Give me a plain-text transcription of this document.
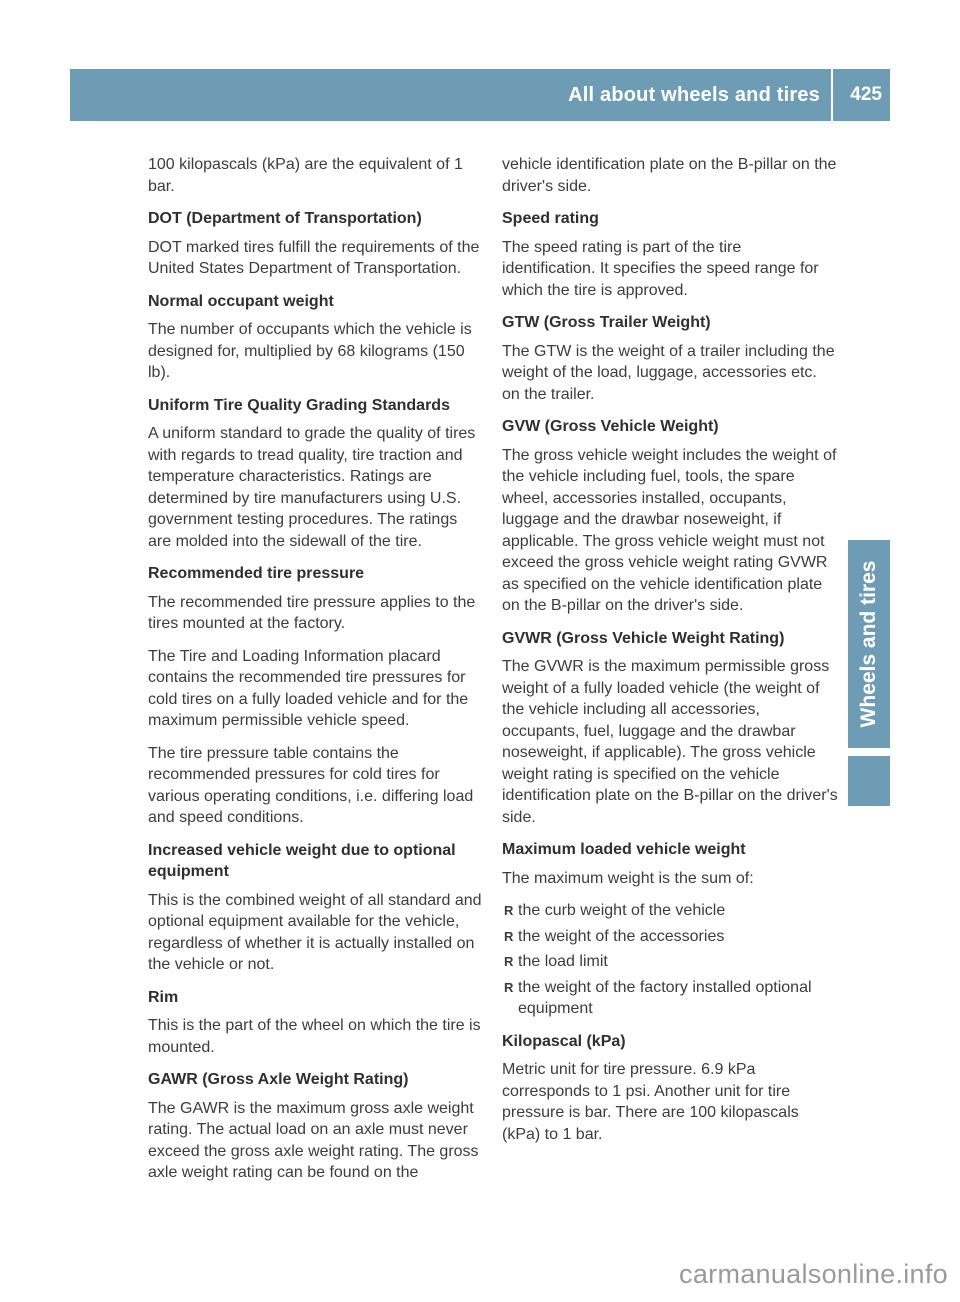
All about wheels and tires 425
Wheels and tires

100 kilopascals (kPa) are the equivalent of 1 bar.

DOT (Department of Transportation)

DOT marked tires fulfill the requirements of the United States Department of Transportation.

Normal occupant weight

The number of occupants which the vehicle is designed for, multiplied by 68 kilograms (150 lb).

Uniform Tire Quality Grading Standards

A uniform standard to grade the quality of tires with regards to tread quality, tire traction and temperature characteristics. Ratings are determined by tire manufacturers using U.S. government testing procedures. The ratings are molded into the sidewall of the tire.

Recommended tire pressure

The recommended tire pressure applies to the tires mounted at the factory.

The Tire and Loading Information placard contains the recommended tire pressures for cold tires on a fully loaded vehicle and for the maximum permissible vehicle speed.

The tire pressure table contains the recommended pressures for cold tires for various operating conditions, i.e. differing load and speed conditions.

Increased vehicle weight due to optional equipment

This is the combined weight of all standard and optional equipment available for the vehicle, regardless of whether it is actually installed on the vehicle or not.

Rim

This is the part of the wheel on which the tire is mounted.

GAWR (Gross Axle Weight Rating)

The GAWR is the maximum gross axle weight rating. The actual load on an axle must never exceed the gross axle weight rating. The gross axle weight rating can be found on the

vehicle identification plate on the B-pillar on the driver's side.

Speed rating

The speed rating is part of the tire identification. It specifies the speed range for which the tire is approved.

GTW (Gross Trailer Weight)

The GTW is the weight of a trailer including the weight of the load, luggage, accessories etc. on the trailer.

GVW (Gross Vehicle Weight)

The gross vehicle weight includes the weight of the vehicle including fuel, tools, the spare wheel, accessories installed, occupants, luggage and the drawbar noseweight, if applicable. The gross vehicle weight must not exceed the gross vehicle weight rating GVWR as specified on the vehicle identification plate on the B-pillar on the driver's side.

GVWR (Gross Vehicle Weight Rating)

The GVWR is the maximum permissible gross weight of a fully loaded vehicle (the weight of the vehicle including all accessories, occupants, fuel, luggage and the drawbar noseweight, if applicable). The gross vehicle weight rating is specified on the vehicle identification plate on the B-pillar on the driver's side.

Maximum loaded vehicle weight

The maximum weight is the sum of:

R the curb weight of the vehicle
R the weight of the accessories
R the load limit
R the weight of the factory installed optional equipment
Kilopascal (kPa)

Metric unit for tire pressure. 6.9 kPa corresponds to 1 psi. Another unit for tire pressure is bar. There are 100 kilopascals (kPa) to 1 bar.

carmanualsonline.info
